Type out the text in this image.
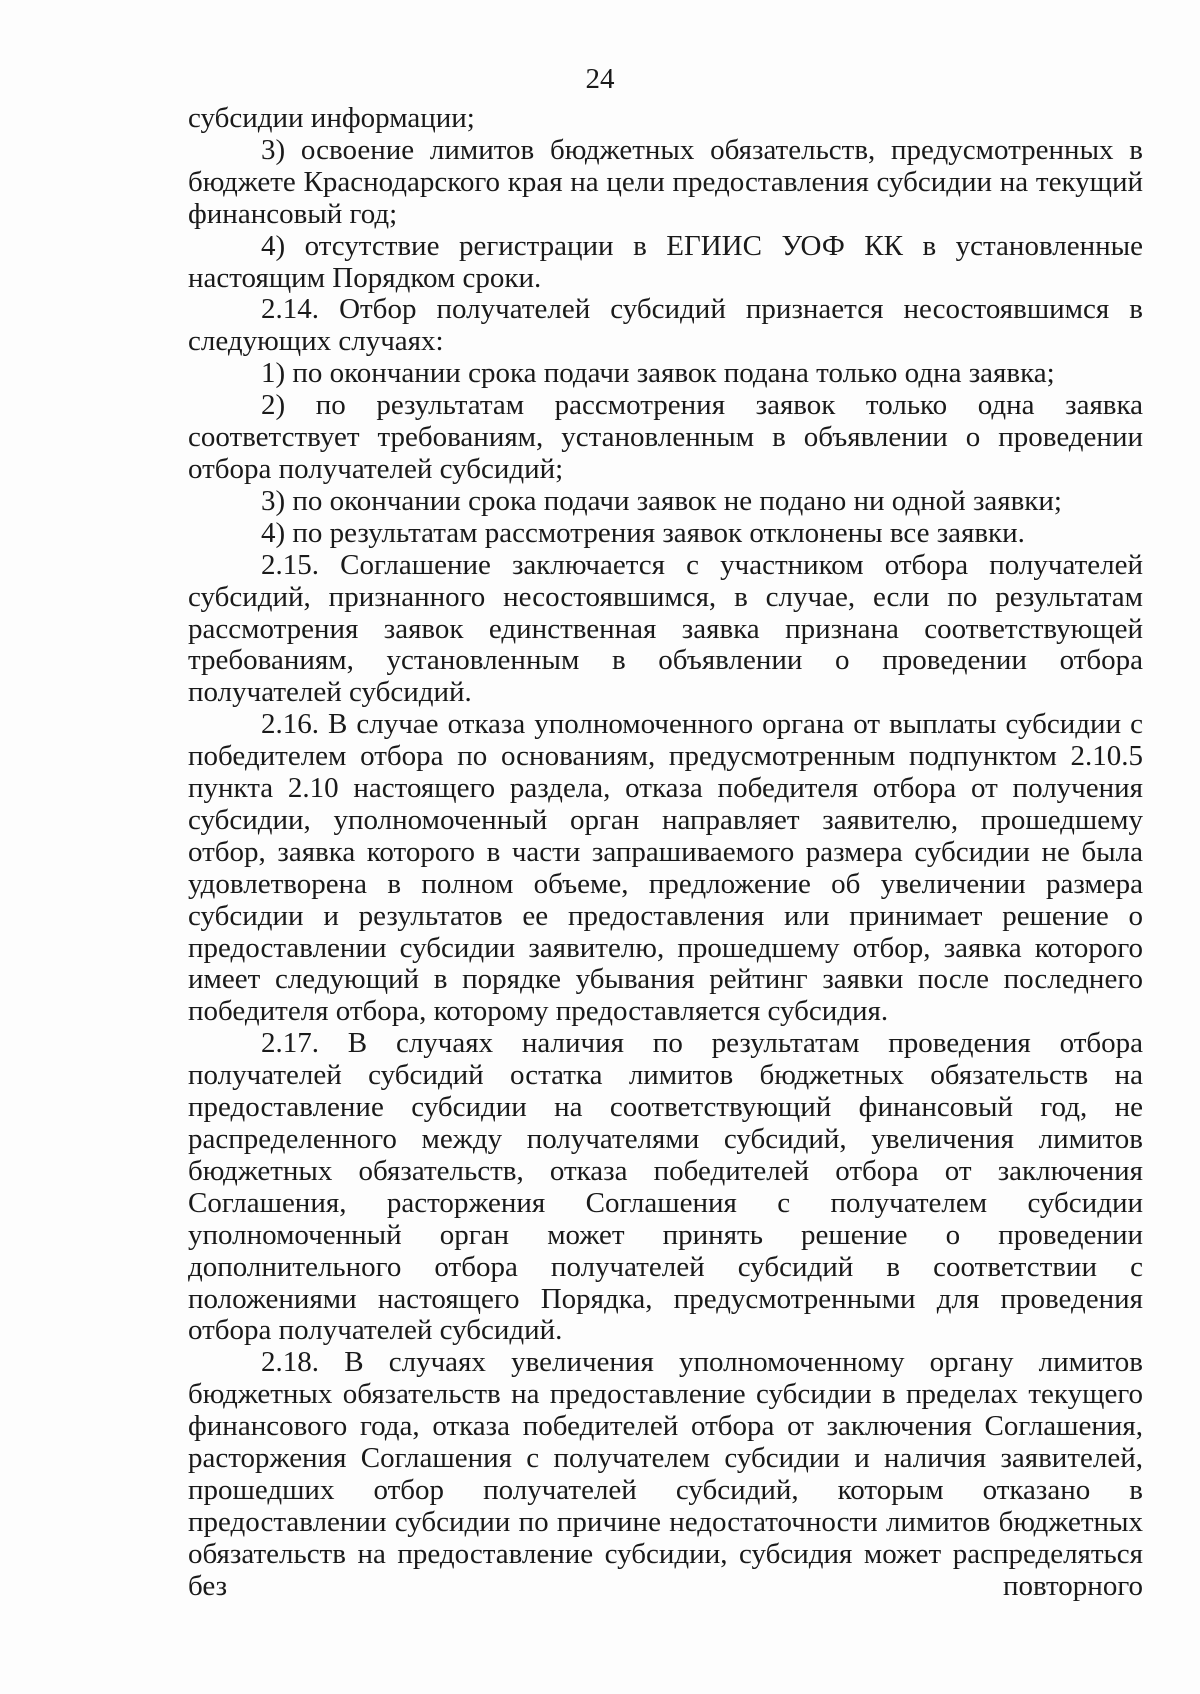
24

субсидии информации;

3) освоение лимитов бюджетных обязательств, предусмотренных в бюджете Краснодарского края на цели предоставления субсидии на текущий финансовый год;

4) отсутствие регистрации в ЕГИИС УОФ КК в установленные настоящим Порядком сроки.

2.14. Отбор получателей субсидий признается несостоявшимся в следующих случаях:

1) по окончании срока подачи заявок подана только одна заявка;

2) по результатам рассмотрения заявок только одна заявка соответствует требованиям, установленным в объявлении о проведении отбора получателей субсидий;

3) по окончании срока подачи заявок не подано ни одной заявки;

4) по результатам рассмотрения заявок отклонены все заявки.

2.15. Соглашение заключается с участником отбора получателей субсидий, признанного несостоявшимся, в случае, если по результатам рассмотрения заявок единственная заявка признана соответствующей требованиям, установленным в объявлении о проведении отбора получателей субсидий.

2.16. В случае отказа уполномоченного органа от выплаты субсидии с победителем отбора по основаниям, предусмотренным подпунктом 2.10.5 пункта 2.10 настоящего раздела, отказа победителя отбора от получения субсидии, уполномоченный орган направляет заявителю, прошедшему отбор, заявка которого в части запрашиваемого размера субсидии не была удовлетворена в полном объеме, предложение об увеличении размера субсидии и результатов ее предоставления или принимает решение о предоставлении субсидии заявителю, прошедшему отбор, заявка которого имеет следующий в порядке убывания рейтинг заявки после последнего победителя отбора, которому предоставляется субсидия.

2.17. В случаях наличия по результатам проведения отбора получателей субсидий остатка лимитов бюджетных обязательств на предоставление субсидии на соответствующий финансовый год, не распределенного между получателями субсидий, увеличения лимитов бюджетных обязательств, отказа победителей отбора от заключения Соглашения, расторжения Соглашения с получателем субсидии уполномоченный орган может принять решение о проведении дополнительного отбора получателей субсидий в соответствии с положениями настоящего Порядка, предусмотренными для проведения отбора получателей субсидий.

2.18. В случаях увеличения уполномоченному органу лимитов бюджетных обязательств на предоставление субсидии в пределах текущего финансового года, отказа победителей отбора от заключения Соглашения, расторжения Соглашения с получателем субсидии и наличия заявителей, прошедших отбор получателей субсидий, которым отказано в предоставлении субсидии по причине недостаточности лимитов бюджетных обязательств на предоставление субсидии, субсидия может распределяться без повторного
